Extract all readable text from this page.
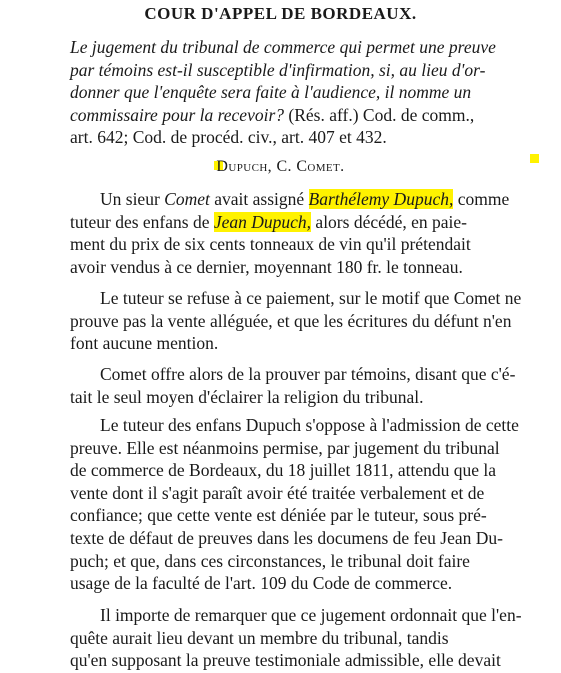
COUR D'APPEL DE BORDEAUX.
Le jugement du tribunal de commerce qui permet une preuve
par témoins est-il susceptible d'infirmation, si, au lieu d'or-
donner que l'enquête sera faite à l'audience, il nomme un
commissaire pour la recevoir? (Rés. aff.) Cod. de comm.,
art. 642; Cod. de procéd. civ., art. 407 et 432.
Dupuch, C. Comet.
Un sieur Comet avait assigné Barthélemy Dupuch, comme
tuteur des enfans de Jean Dupuch, alors décédé, en paie-
ment du prix de six cents tonneaux de vin qu'il prétendait
avoir vendus à ce dernier, moyennant 180 fr. le tonneau.
Le tuteur se refuse à ce paiement, sur le motif que Comet ne
prouve pas la vente alléguée, et que les écritures du défunt n'en
font aucune mention.
Comet offre alors de la prouver par témoins, disant que c'é-
tait le seul moyen d'éclairer la religion du tribunal.
Le tuteur des enfans Dupuch s'oppose à l'admission de cette
preuve. Elle est néanmoins permise, par jugement du tribunal
de commerce de Bordeaux, du 18 juillet 1811, attendu que la
vente dont il s'agit paraît avoir été traitée verbalement et de
confiance; que cette vente est déniée par le tuteur, sous pré-
texte de défaut de preuves dans les documens de feu Jean Du-
puch; et que, dans ces circonstances, le tribunal doit faire
usage de la faculté de l'art. 109 du Code de commerce.
Il importe de remarquer que ce jugement ordonnait que l'en-
quête aurait lieu devant un membre du tribunal, tandis
qu'en supposant la preuve testimoniale admissible, elle devait
